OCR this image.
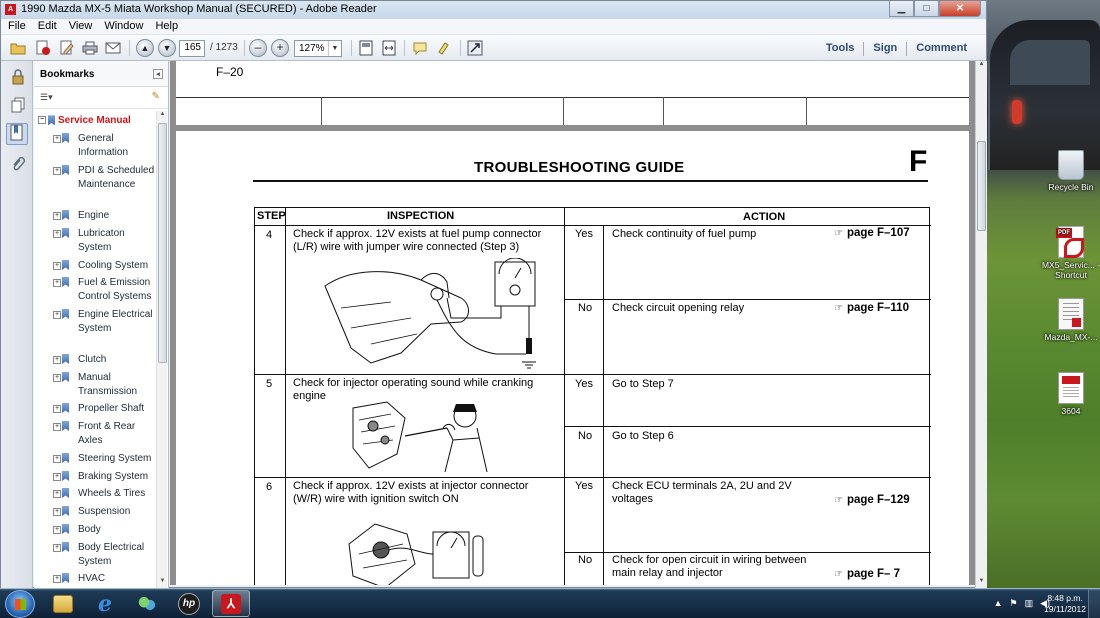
Recycle Bin
PDF
MX5_Servic... - Shortcut
Mazda_MX-...
3604
A 1990 Mazda MX-5 Miata Workshop Manual (SECURED) - Adobe Reader	▁	□	✕
File	Edit	View	Window	Help
▲	▼	165 / 1273	–	+	127% ▼	Tools	Sign	Comment
Bookmarks	◂
☰▾	✎
− Service Manual
+ General Information
+ PDI & Scheduled Maintenance
+ Engine
+ Lubricaton System
+ Cooling System
+ Fuel & Emission Control Systems
+ Engine Electrical System
+ Clutch
+ Manual Transmission
+ Propeller Shaft
+ Front & Rear Axles
+ Steering System
+ Braking System
+ Wheels & Tires
+ Suspension
+ Body
+ Body Electrical System
+ HVAC
▲
▼
F–20
TROUBLESHOOTING GUIDE	F
STEP	INSPECTION	ACTION
4 Check if approx. 12V exists at fuel pump connector (L/R) wire with jumper wire connected (Step 3)
Yes Check continuity of fuel pump	☞ page F–107
No Check circuit opening relay	☞ page F–110
5 Check for injector operating sound while cranking engine
Yes Go to Step 7
No Go to Step 6
6 Check if approx. 12V exists at injector connector (W/R) wire with ignition switch ON
Yes Check ECU terminals 2A, 2U and 2V voltages	☞ page F–129
No Check for open circuit in wiring between main relay and injector	☞ page F– 7
▲
▼
e	hp	⅄	▲ ⚑ ▥ ◀)
8:48 p.m.
19/11/2012
